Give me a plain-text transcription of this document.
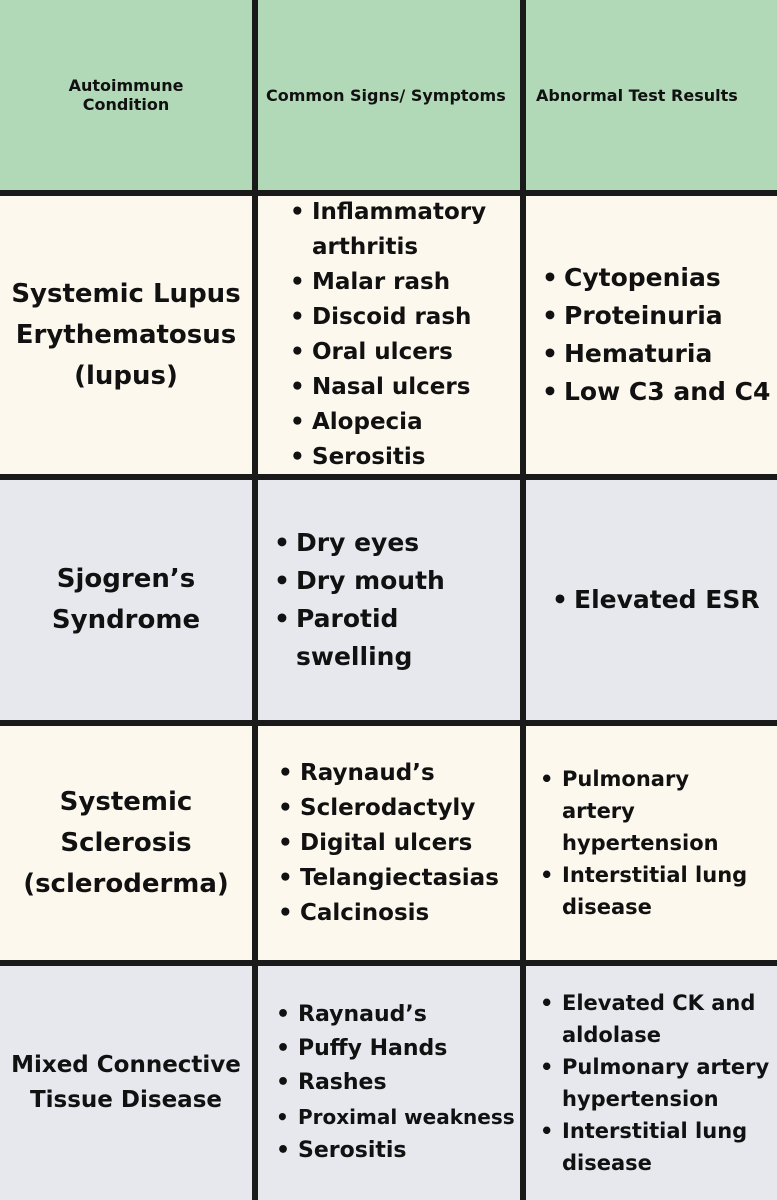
Autoimmune Condition	Common Signs/ Symptoms	Abnormal Test Results
Systemic Lupus Erythematosus (lupus)
• Inflammatory arthritis
• Malar rash
• Discoid rash
• Oral ulcers
• Nasal ulcers
• Alopecia
• Serositis
• Cytopenias
• Proteinuria
• Hematuria
• Low C3 and C4
Sjogren’s Syndrome
• Dry eyes
• Dry mouth
• Parotid swelling
• Elevated ESR
Systemic Sclerosis (scleroderma)
• Raynaud’s
• Sclerodactyly
• Digital ulcers
• Telangiectasias
• Calcinosis
• Pulmonary artery hypertension
• Interstitial lung disease
Mixed Connective Tissue Disease
• Raynaud’s
• Puffy Hands
• Rashes
• Proximal weakness
• Serositis
• Elevated CK and aldolase
• Pulmonary artery hypertension
• Interstitial lung disease
